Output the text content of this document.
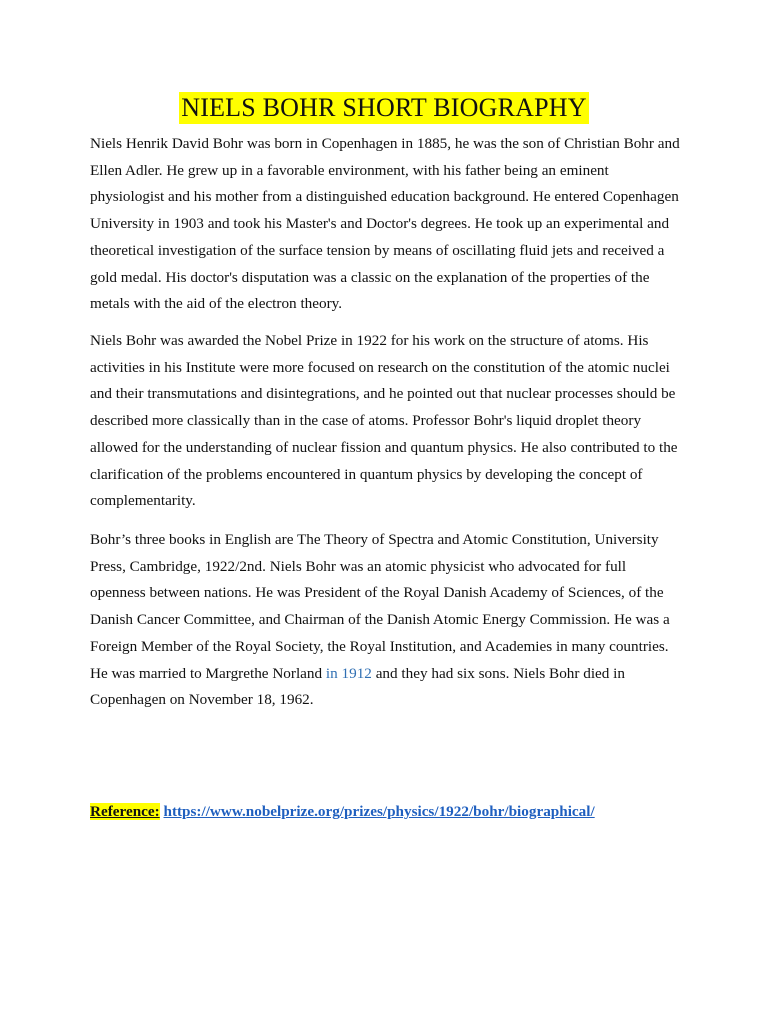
NIELS BOHR SHORT BIOGRAPHY

Niels Henrik David Bohr was born in Copenhagen in 1885, he was the son of Christian Bohr and
Ellen Adler. He grew up in a favorable environment, with his father being an eminent
physiologist and his mother from a distinguished education background. He entered Copenhagen
University in 1903 and took his Master's and Doctor's degrees. He took up an experimental and
theoretical investigation of the surface tension by means of oscillating fluid jets and received a
gold medal. His doctor's disputation was a classic on the explanation of the properties of the
metals with the aid of the electron theory.

Niels Bohr was awarded the Nobel Prize in 1922 for his work on the structure of atoms. His
activities in his Institute were more focused on research on the constitution of the atomic nuclei
and their transmutations and disintegrations, and he pointed out that nuclear processes should be
described more classically than in the case of atoms. Professor Bohr's liquid droplet theory
allowed for the understanding of nuclear fission and quantum physics. He also contributed to the
clarification of the problems encountered in quantum physics by developing the concept of
complementarity.

Bohr’s three books in English are The Theory of Spectra and Atomic Constitution, University
Press, Cambridge, 1922/2nd. Niels Bohr was an atomic physicist who advocated for full
openness between nations. He was President of the Royal Danish Academy of Sciences, of the
Danish Cancer Committee, and Chairman of the Danish Atomic Energy Commission. He was a
Foreign Member of the Royal Society, the Royal Institution, and Academies in many countries.
He was married to Margrethe Norland in 1912 and they had six sons. Niels Bohr died in
Copenhagen on November 18, 1962.

Reference: https://www.nobelprize.org/prizes/physics/1922/bohr/biographical/
